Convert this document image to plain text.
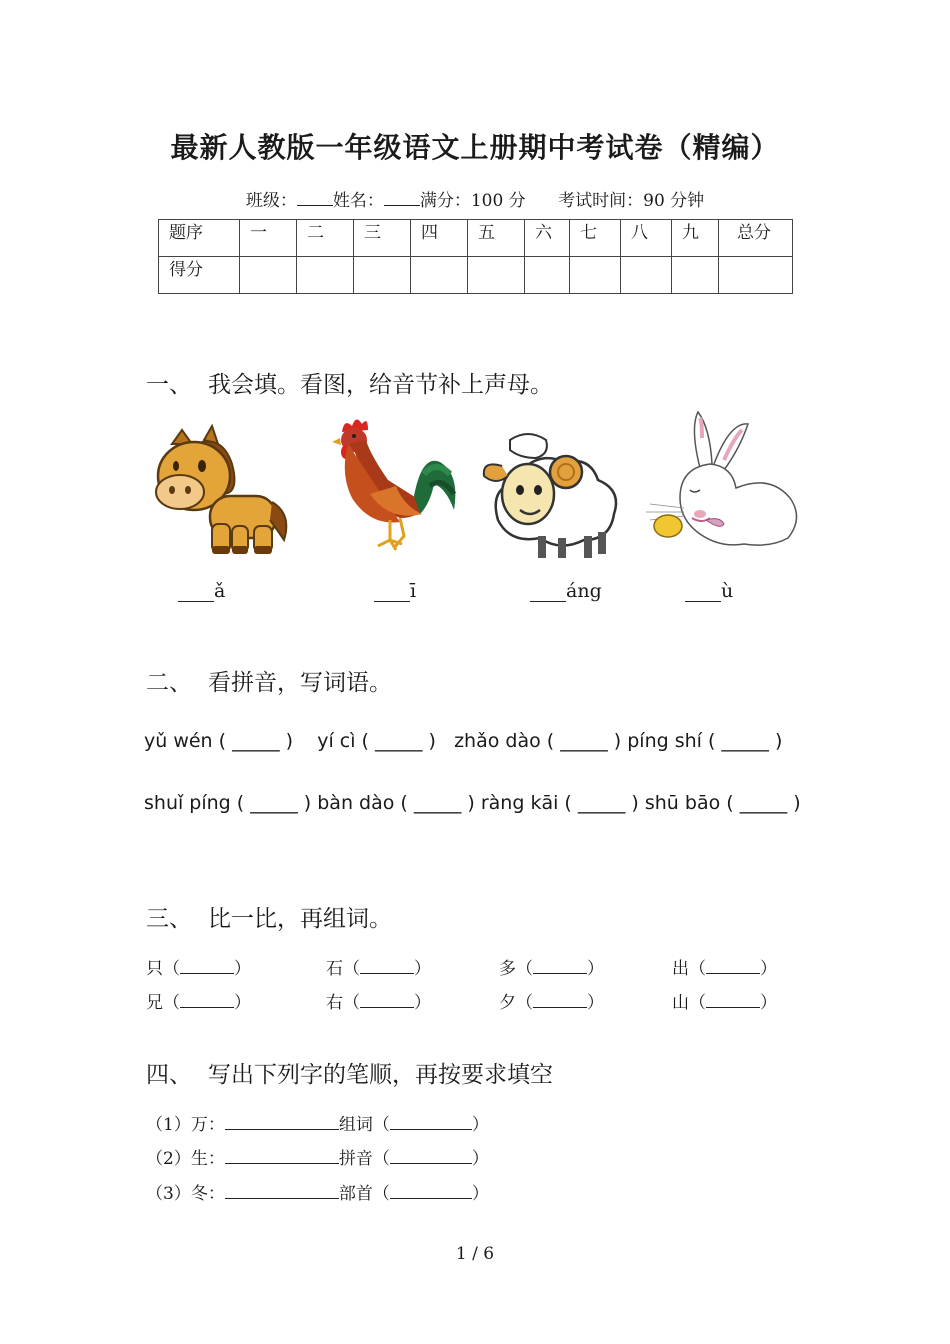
最新人教版一年级语文上册期中考试卷（精编）
班级： 姓名： 满分：100 分 考试时间：90 分钟
题序	一	二	三	四	五	六	七	八	九	总分
得分										
一、 我会填。看图，给音节补上声母。
ǎ	ī	áng	ù
二、 看拼音，写词语。
yǔ wén ( _____ ) yí cì ( _____ ) zhǎo dào ( _____ ) píng shí ( _____ )
shuǐ píng ( _____ ) bàn dào ( _____ ) ràng kāi ( _____ ) shū bāo ( _____ )
三、 比一比，再组词。
只（	）	石（	）	多（	）	出（	）
兄（	）	右（	）	夕（	）	山（	）
四、 写出下列字的笔顺，再按要求填空
（1）万：	组词（	）
（2）生：	拼音（	）
（3）冬：	部首（	）
1 / 6
